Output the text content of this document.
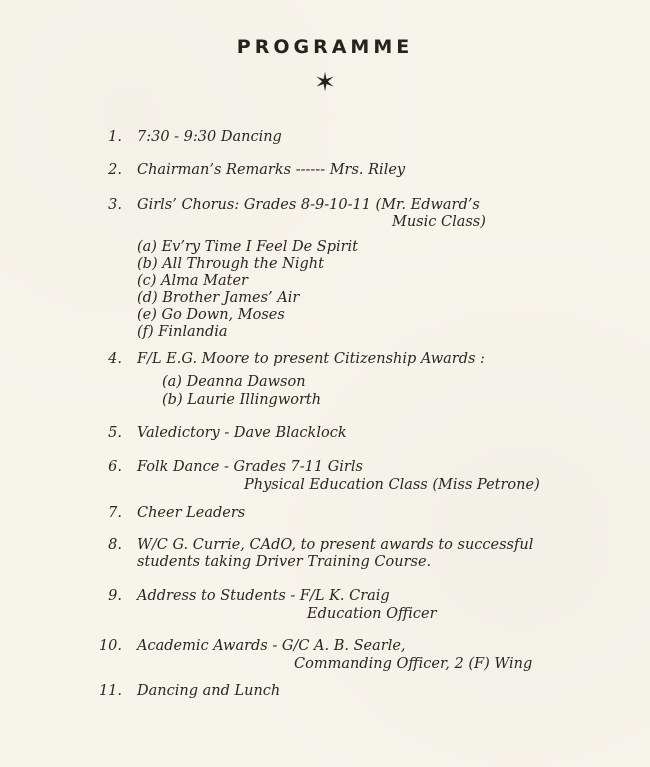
PROGRAMME
✶
1. 7:30 - 9:30 Dancing
2. Chairman’s Remarks ------ Mrs. Riley
3. Girls’ Chorus: Grades 8-9-10-11 (Mr. Edward’s
Music Class)
(a) Ev’ry Time I Feel De Spirit
(b) All Through the Night
(c) Alma Mater
(d) Brother James’ Air
(e) Go Down, Moses
(f) Finlandia
4. F/L E.G. Moore to present Citizenship Awards :
(a) Deanna Dawson
(b) Laurie Illingworth
5. Valedictory - Dave Blacklock
6. Folk Dance - Grades 7-11 Girls
Physical Education Class (Miss Petrone)
7. Cheer Leaders
8. W/C G. Currie, CAdO, to present awards to successful
students taking Driver Training Course.
9. Address to Students - F/L K. Craig
Education Officer
10. Academic Awards - G/C A. B. Searle,
Commanding Officer, 2 (F) Wing
11. Dancing and Lunch
